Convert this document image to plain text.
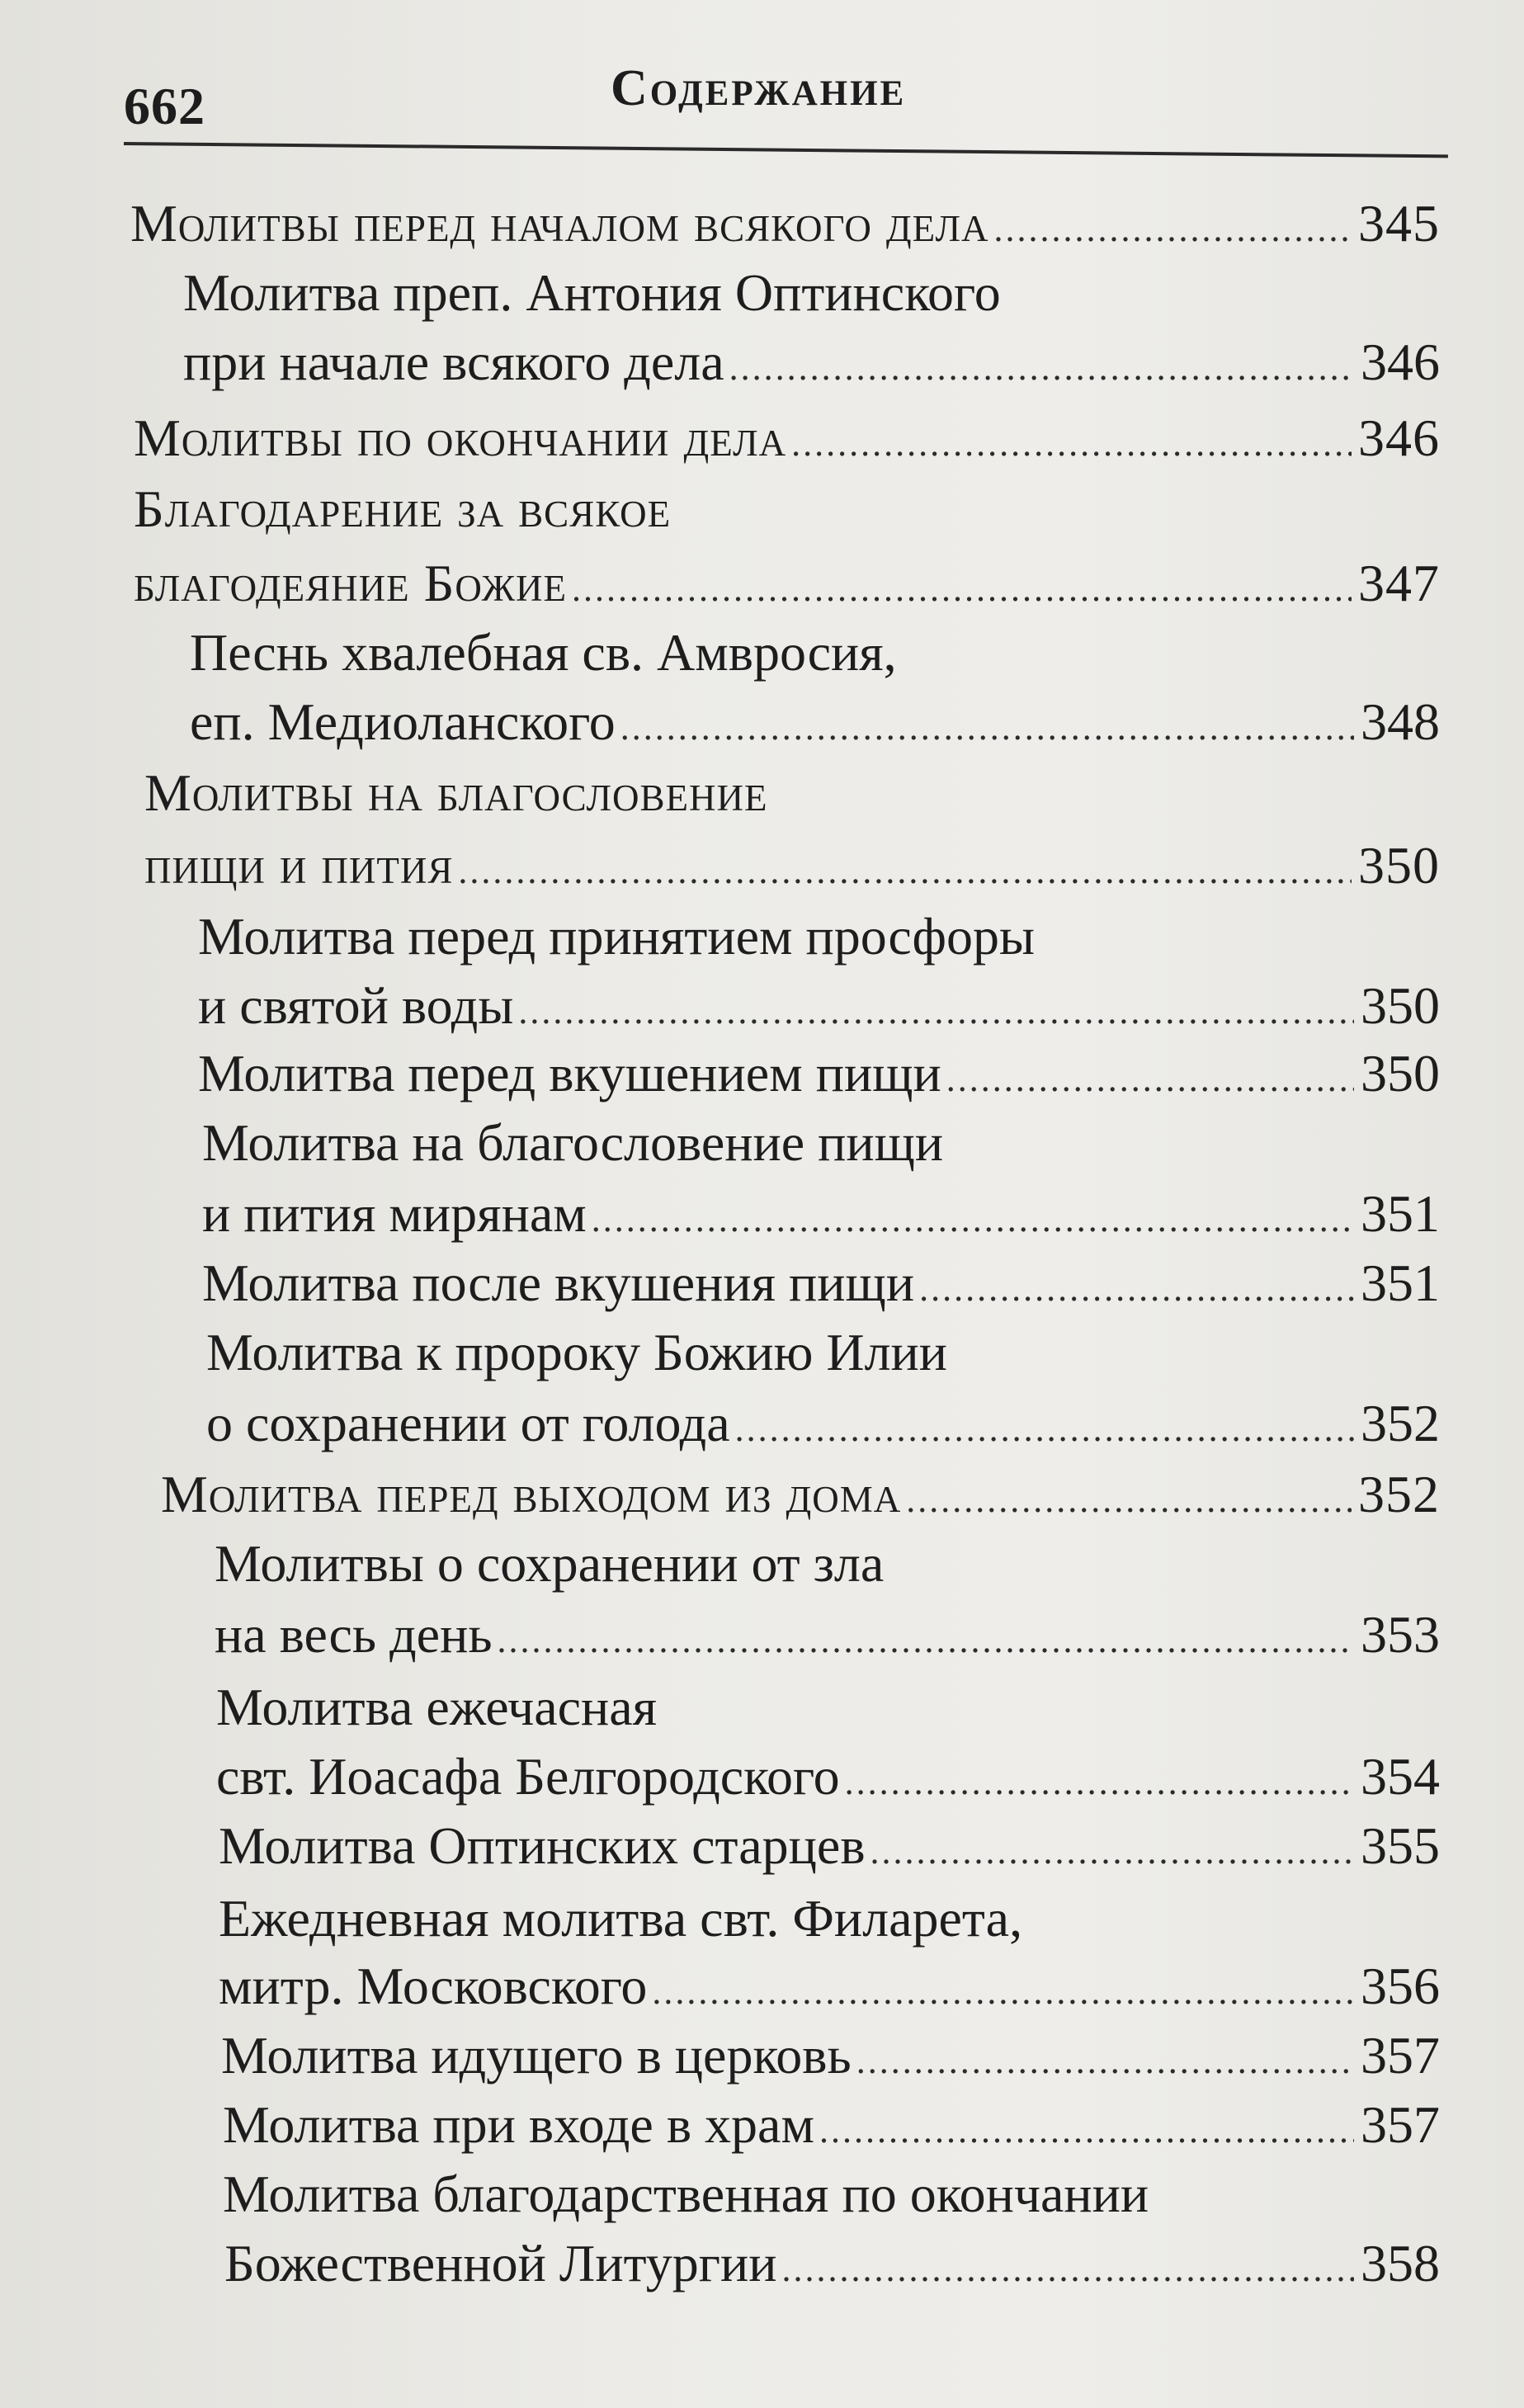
662	Содержание
Молитвы перед началом всякого дела .....	345
Молитва преп. Антония Оптинского
при начале всякого дела .....	346
Молитвы по окончании дела .....	346
Благодарение за всякое
благодеяние Божие .....	347
Песнь хвалебная св. Амвросия,
еп. Медиоланского .....	348
Молитвы на благословение
пищи и пития .....	350
Молитва перед принятием просфоры
и святой воды .....	350
Молитва перед вкушением пищи .....	350
Молитва на благословение пищи
и пития мирянам .....	351
Молитва после вкушения пищи .....	351
Молитва к пророку Божию Илии
о сохранении от голода .....	352
Молитва перед выходом из дома .....	352
Молитвы о сохранении от зла
на весь день .....	353
Молитва ежечасная
свт. Иоасафа Белгородского .....	354
Молитва Оптинских старцев .....	355
Ежедневная молитва свт. Филарета,
митр. Московского .....	356
Молитва идущего в церковь .....	357
Молитва при входе в храм .....	357
Молитва благодарственная по окончании
Божественной Литургии .....	358
